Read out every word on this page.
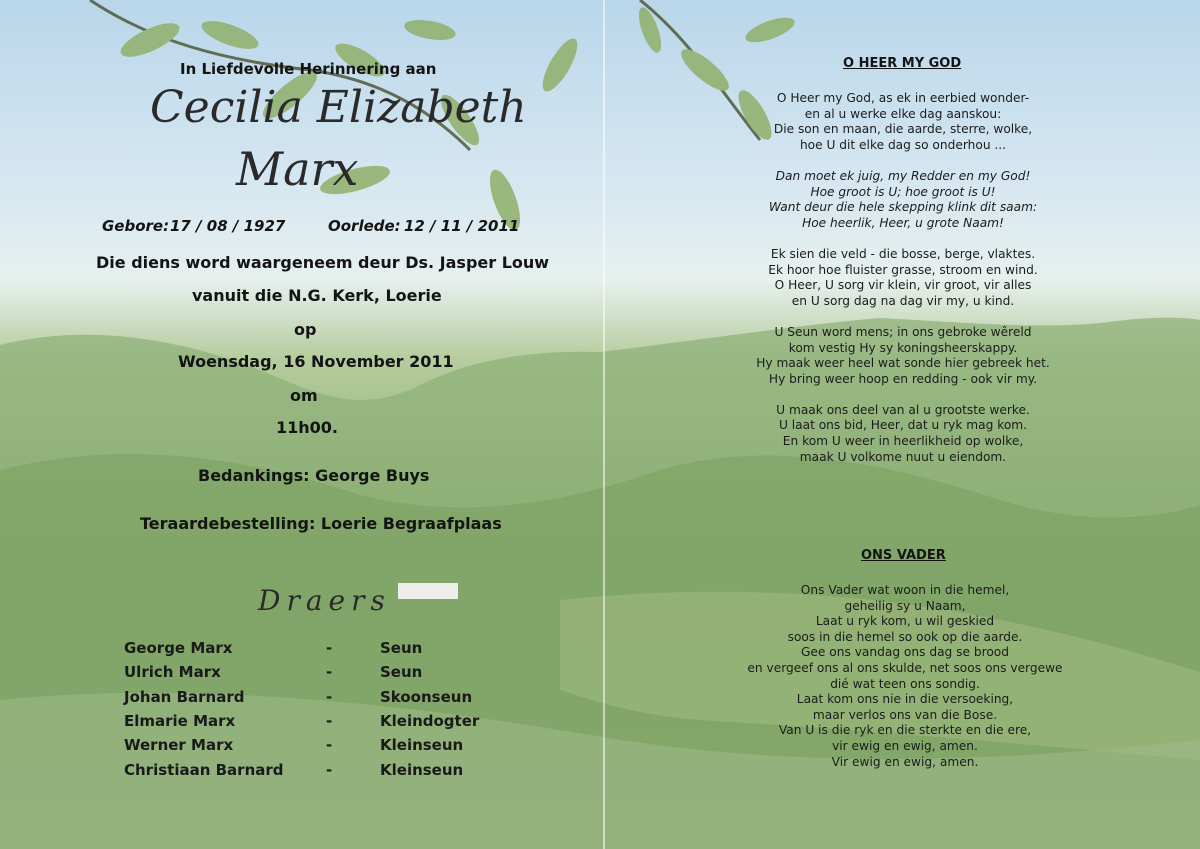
In Liefdevolle Herinnering aan
Cecilia Elizabeth
Marx
Gebore: 17 / 08 / 1927	Oorlede: 12 / 11 / 2011
Die diens word waargeneem deur Ds. Jasper Louw
vanuit die N.G. Kerk, Loerie
op
Woensdag, 16 November 2011
om
11h00.
Bedankings: George Buys
Teraardebestelling: Loerie Begraafplaas
Draers
George Marx	-	Seun
Ulrich Marx	-	Seun
Johan Barnard	-	Skoonseun
Elmarie Marx	-	Kleindogter
Werner Marx	-	Kleinseun
Christiaan Barnard	-	Kleinseun
O HEER MY GOD
O Heer my God, as ek in eerbied wonder-
en al u werke elke dag aanskou:
Die son en maan, die aarde, sterre, wolke,
hoe U dit elke dag so onderhou ...
Dan moet ek juig, my Redder en my God!
Hoe groot is U; hoe groot is U!
Want deur die hele skepping klink dit saam:
Hoe heerlik, Heer, u grote Naam!
Ek sien die veld - die bosse, berge, vlaktes.
Ek hoor hoe fluister grasse, stroom en wind.
O Heer, U sorg vir klein, vir groot, vir alles
en U sorg dag na dag vir my, u kind.
U Seun word mens; in ons gebroke wêreld
kom vestig Hy sy koningsheerskappy.
Hy maak weer heel wat sonde hier gebreek het.
Hy bring weer hoop en redding - ook vir my.
U maak ons deel van al u grootste werke.
U laat ons bid, Heer, dat u ryk mag kom.
En kom U weer in heerlikheid op wolke,
maak U volkome nuut u eiendom.
ONS VADER
Ons Vader wat woon in die hemel,
geheilig sy u Naam,
Laat u ryk kom, u wil geskied
soos in die hemel so ook op die aarde.
Gee ons vandag ons dag se brood
en vergeef ons al ons skulde, net soos ons vergewe
dié wat teen ons sondig.
Laat kom ons nie in die versoeking,
maar verlos ons van die Bose.
Van U is die ryk en die sterkte en die ere,
vir ewig en ewig, amen.
Vir ewig en ewig, amen.
